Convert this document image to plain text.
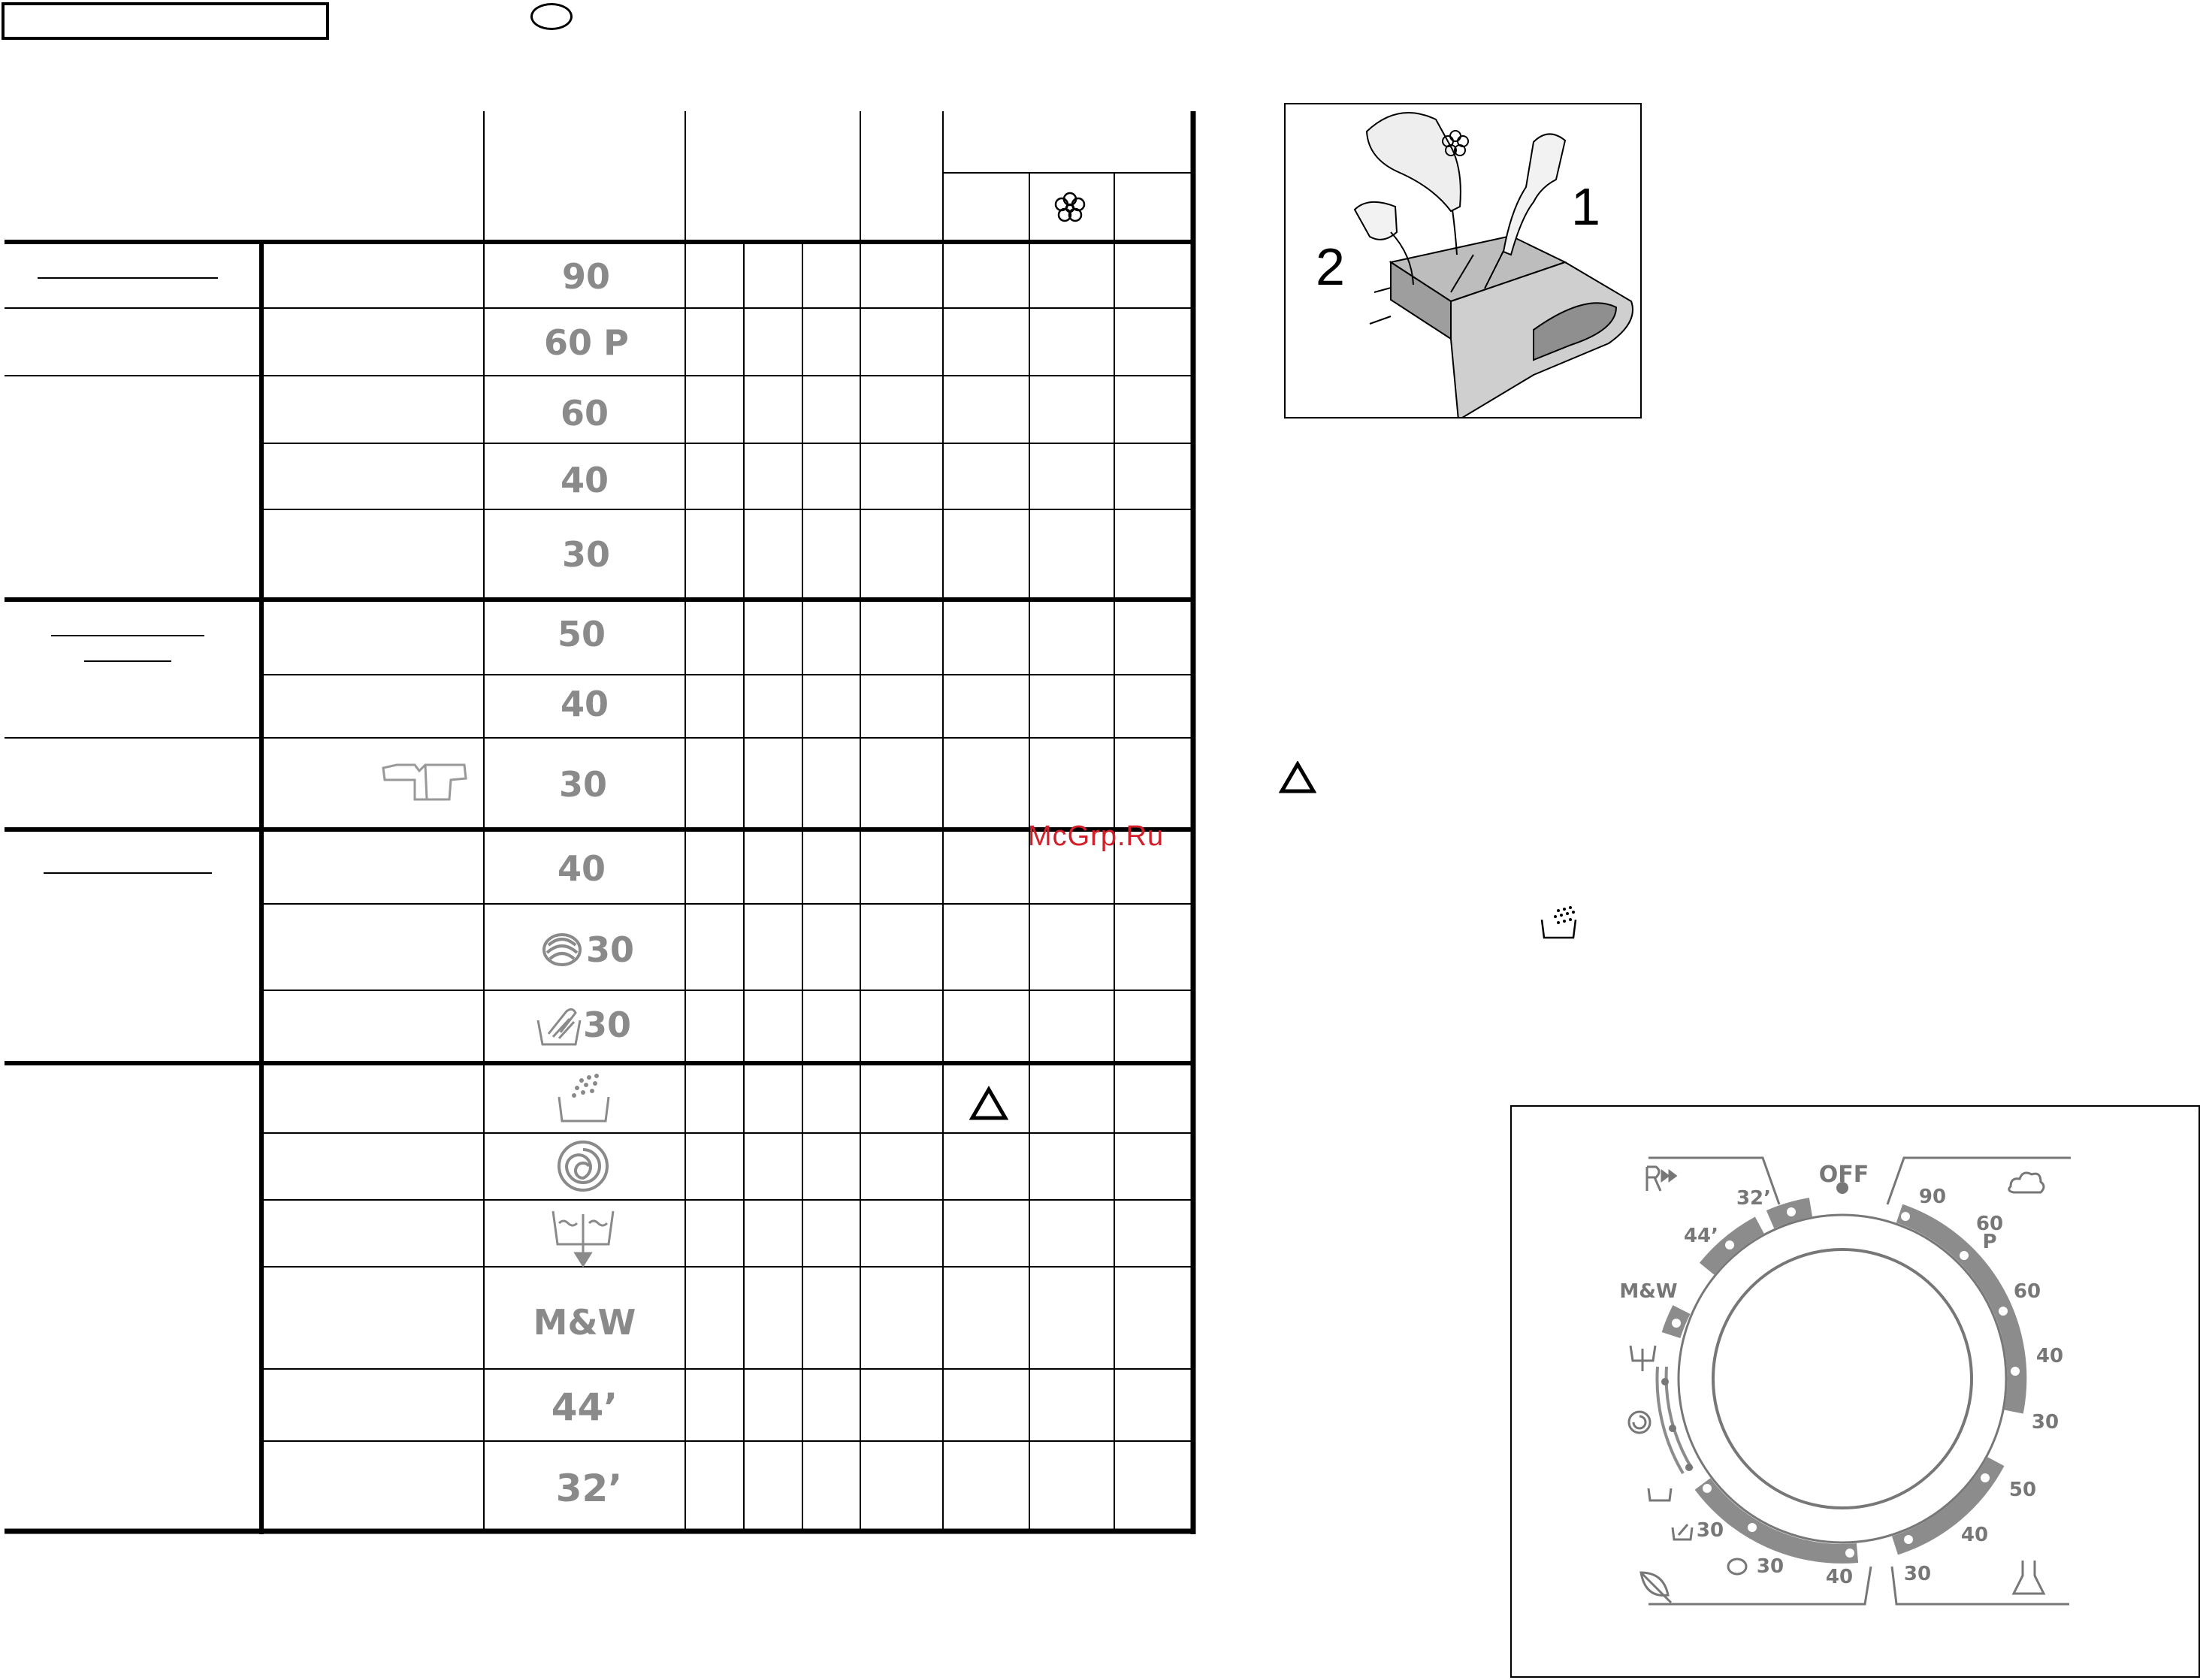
90
60 P
60
40
30
50
40
30
40
30
30
M&W
44’
32’
McGrp.Ru
1
2
OFF
32’
44’
M&W
90
60
P
60
40
30
50
40
30
30
30 40
